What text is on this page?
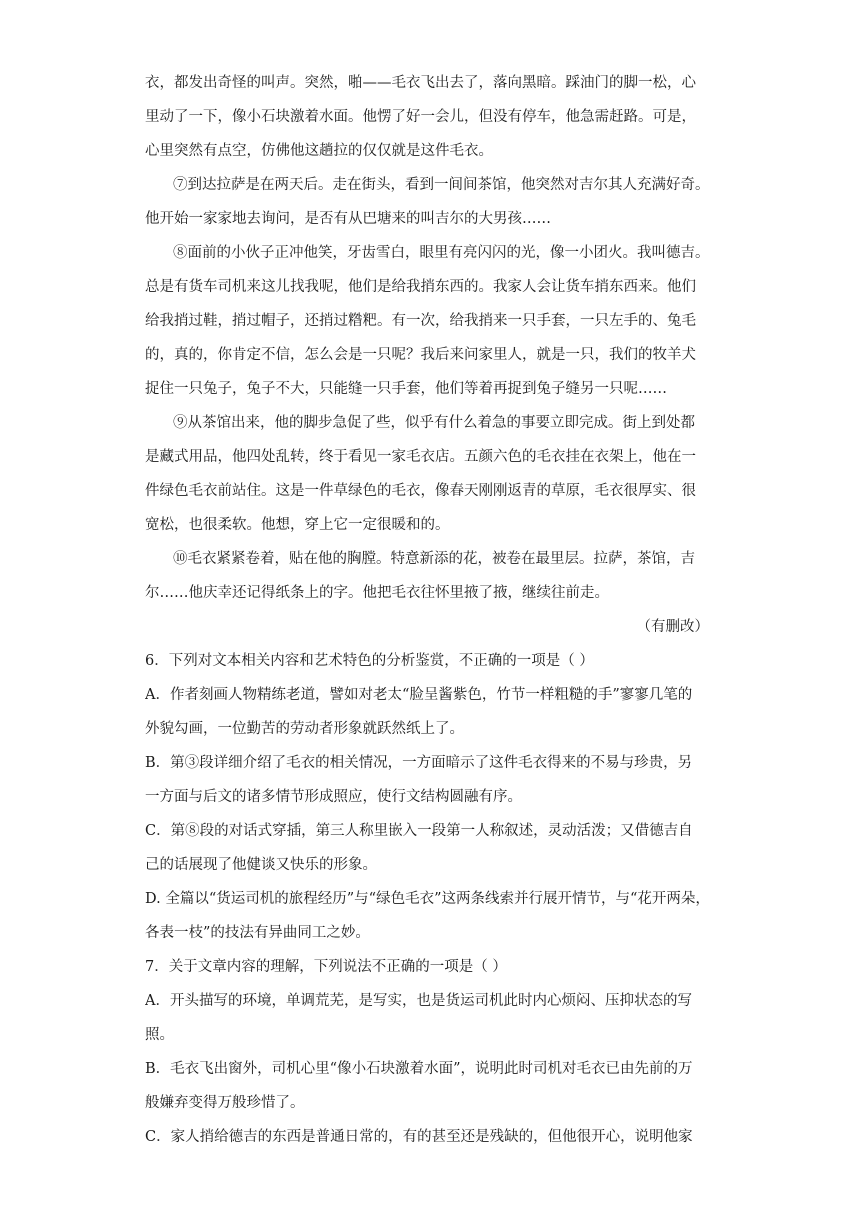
衣，都发出奇怪的叫声。突然，啪——毛衣飞出去了，落向黑暗。踩油门的脚一松，心
里动了一下，像小石块激着水面。他愣了好一会儿，但没有停车，他急需赶路。可是，
心里突然有点空，仿佛他这趟拉的仅仅就是这件毛衣。
⑦到达拉萨是在两天后。走在街头，看到一间间茶馆，他突然对吉尔其人充满好奇。
他开始一家家地去询问，是否有从巴塘来的叫吉尔的大男孩……
⑧面前的小伙子正冲他笑，牙齿雪白，眼里有亮闪闪的光，像一小团火。我叫德吉。
总是有货车司机来这儿找我呢，他们是给我捎东西的。我家人会让货车捎东西来。他们
给我捎过鞋，捎过帽子，还捎过糌粑。有一次，给我捎来一只手套，一只左手的、兔毛
的，真的，你肯定不信，怎么会是一只呢？我后来问家里人，就是一只，我们的牧羊犬
捉住一只兔子，兔子不大，只能缝一只手套，他们等着再捉到兔子缝另一只呢……
⑨从茶馆出来，他的脚步急促了些，似乎有什么着急的事要立即完成。街上到处都
是藏式用品，他四处乱转，终于看见一家毛衣店。五颜六色的毛衣挂在衣架上，他在一
件绿色毛衣前站住。这是一件草绿色的毛衣，像春天刚刚返青的草原，毛衣很厚实、很
宽松，也很柔软。他想，穿上它一定很暖和的。
⑩毛衣紧紧卷着，贴在他的胸膛。特意新添的花，被卷在最里层。拉萨，茶馆，吉
尔……他庆幸还记得纸条上的字。他把毛衣往怀里掖了掖，继续往前走。
（有删改）
6．下列对文本相关内容和艺术特色的分析鉴赏，不正确的一项是（ ）
A．作者刻画人物精练老道，譬如对老太“脸呈酱紫色，竹节一样粗糙的手”寥寥几笔的
外貌勾画，一位勤苦的劳动者形象就跃然纸上了。
B．第③段详细介绍了毛衣的相关情况，一方面暗示了这件毛衣得来的不易与珍贵，另
一方面与后文的诸多情节形成照应，使行文结构圆融有序。
C．第⑧段的对话式穿插，第三人称里嵌入一段第一人称叙述，灵动活泼；又借德吉自
己的话展现了他健谈又快乐的形象。
D. 全篇以“货运司机的旅程经历”与“绿色毛衣”这两条线索并行展开情节，与“花开两朵，
各表一枝”的技法有异曲同工之妙。
7．关于文章内容的理解，下列说法不正确的一项是（ ）
A．开头描写的环境，单调荒芜，是写实，也是货运司机此时内心烦闷、压抑状态的写
照。
B．毛衣飞出窗外，司机心里“像小石块激着水面”，说明此时司机对毛衣已由先前的万
般嫌弃变得万般珍惜了。
C．家人捎给德吉的东西是普通日常的，有的甚至还是残缺的，但他很开心，说明他家
